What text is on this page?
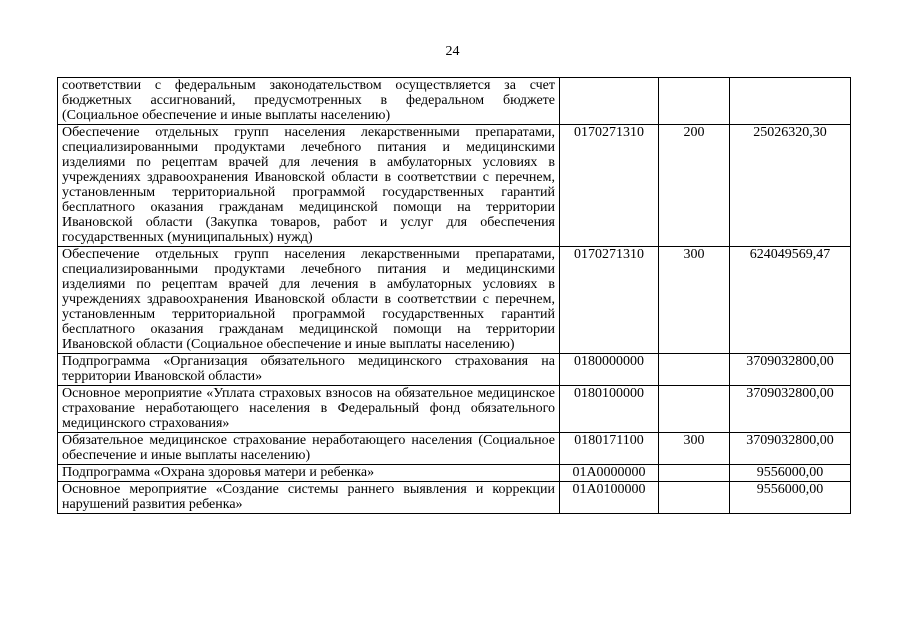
24
соответствии с федеральным законодательством осуществляется за счет бюджетных ассигнований, предусмотренных в федеральном бюджете (Социальное обеспечение и иные выплаты населению)			
Обеспечение отдельных групп населения лекарственными препаратами, специализированными продуктами лечебного питания и медицинскими изделиями по рецептам врачей для лечения в амбулаторных условиях в учреждениях здравоохранения Ивановской области в соответствии с перечнем, установленным территориальной программой государственных гарантий бесплатного оказания гражданам медицинской помощи на территории Ивановской области (Закупка товаров, работ и услуг для обеспечения государственных (муниципальных) нужд)	0170271310	200	25026320,30
Обеспечение отдельных групп населения лекарственными препаратами, специализированными продуктами лечебного питания и медицинскими изделиями по рецептам врачей для лечения в амбулаторных условиях в учреждениях здравоохранения Ивановской области в соответствии с перечнем, установленным территориальной программой государственных гарантий бесплатного оказания гражданам медицинской помощи на территории Ивановской области (Социальное обеспечение и иные выплаты населению)	0170271310	300	624049569,47
Подпрограмма «Организация обязательного медицинского страхования на территории Ивановской области»	0180000000		3709032800,00
Основное мероприятие «Уплата страховых взносов на обязательное медицинское страхование неработающего населения в Федеральный фонд обязательного медицинского страхования»	0180100000		3709032800,00
Обязательное медицинское страхование неработающего населения (Социальное обеспечение и иные выплаты населению)	0180171100	300	3709032800,00
Подпрограмма «Охрана здоровья матери и ребенка»	01А0000000		9556000,00
Основное мероприятие «Создание системы раннего выявления и коррекции нарушений развития ребенка»	01А0100000		9556000,00
